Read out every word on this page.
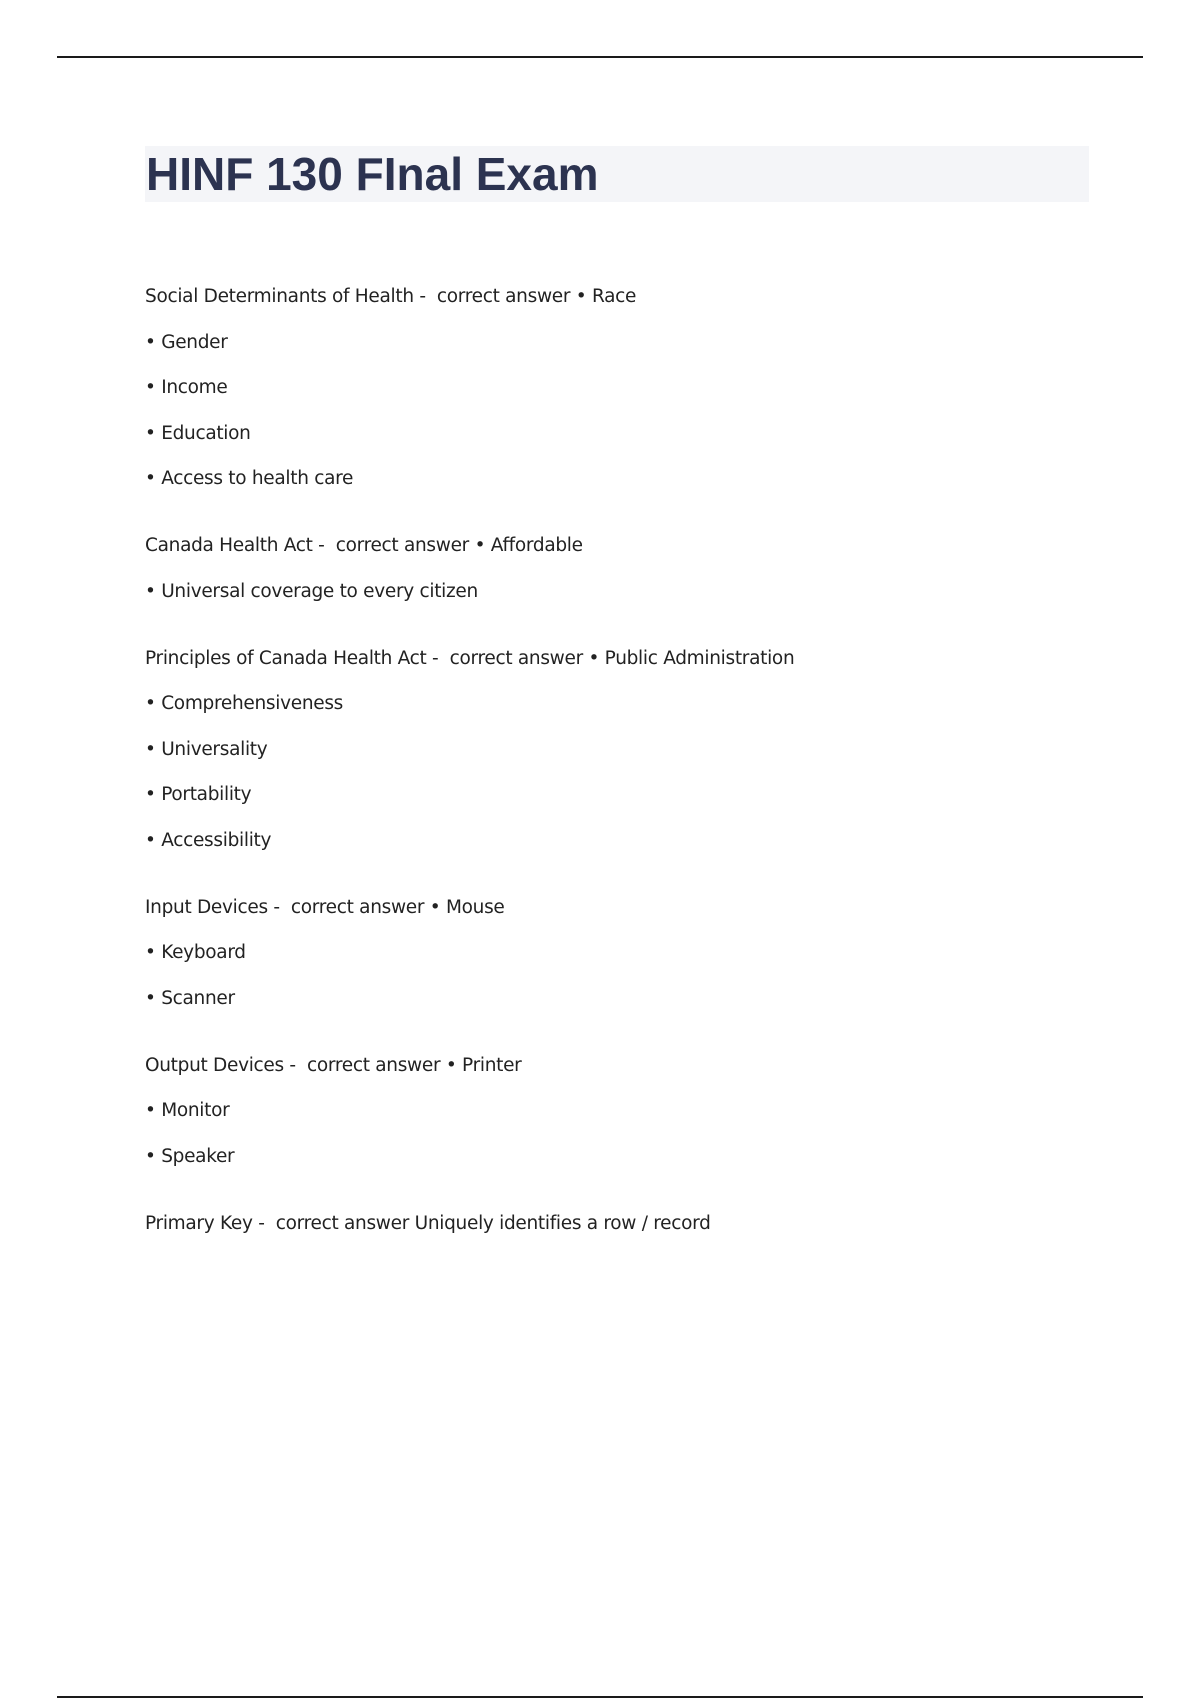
HINF 130 FInal Exam
Social Determinants of Health -  correct answer • Race
• Gender
• Income
• Education
• Access to health care
Canada Health Act -  correct answer • Affordable
• Universal coverage to every citizen
Principles of Canada Health Act -  correct answer • Public Administration
• Comprehensiveness
• Universality
• Portability
• Accessibility
Input Devices -  correct answer • Mouse
• Keyboard
• Scanner
Output Devices -  correct answer • Printer
• Monitor
• Speaker
Primary Key -  correct answer Uniquely identifies a row / record
